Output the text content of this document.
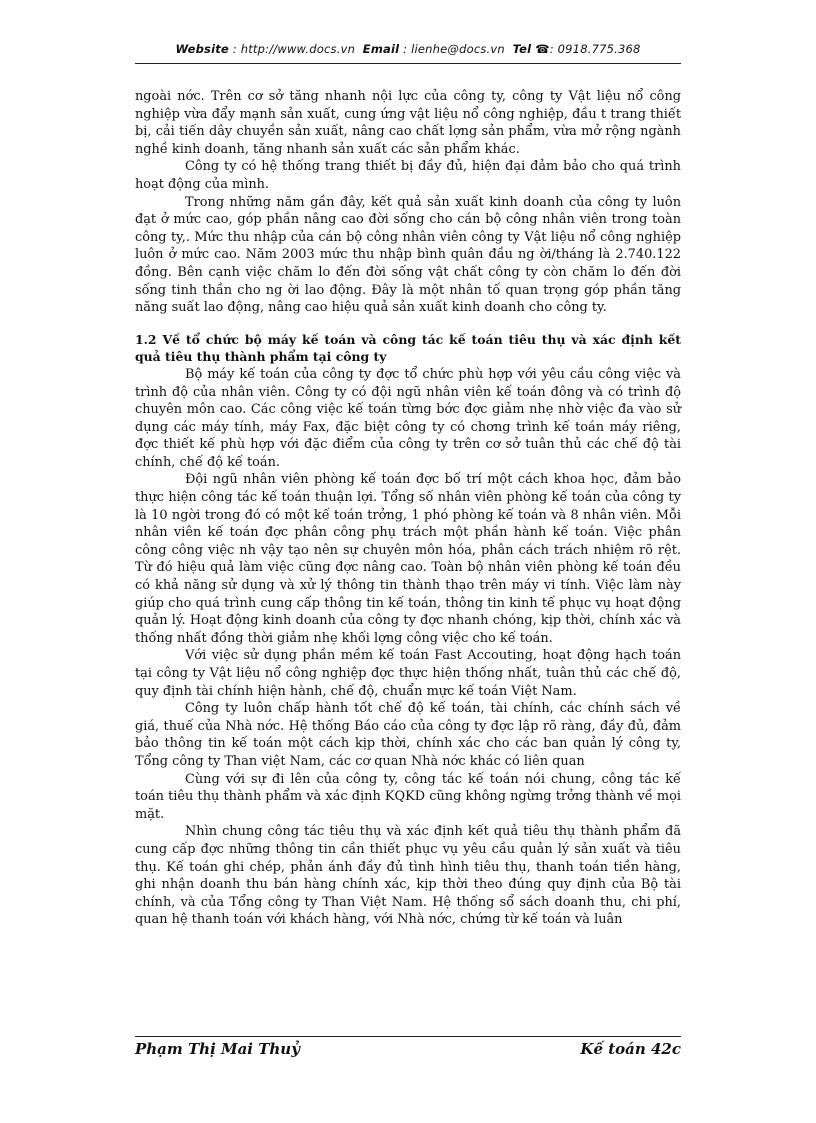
Website : http://www.docs.vn Email : lienhe@docs.vn Tel ☎: 0918.775.368

ngoài nớc. Trên cơ sở tăng nhanh nội lực của công ty, công ty Vật liệu nổ công nghiệp vừa đẩy mạnh sản xuất, cung ứng vật liệu nổ công nghiệp, đầu t trang thiết bị, cải tiến dây chuyền sản xuất, nâng cao chất lợng sản phẩm, vừa mở rộng ngành nghề kinh doanh, tăng nhanh sản xuất các sản phẩm khác.

Công ty có hệ thống trang thiết bị đầy đủ, hiện đại đảm bảo cho quá trình hoạt động của mình.

Trong những năm gần đây, kết quả sản xuất kinh doanh của công ty luôn đạt ở mức cao, góp phần nâng cao đời sống cho cán bộ công nhân viên trong toàn công ty,. Mức thu nhập của cán bộ công nhân viên công ty Vật liệu nổ công nghiệp luôn ở mức cao. Năm 2003 mức thu nhập bình quân đầu ng ời/tháng là 2.740.122 đồng. Bên cạnh việc chăm lo đến đời sống vật chất công ty còn chăm lo đến đời sống tinh thần cho ng ời lao động. Đây là một nhân tố quan trọng góp phần tăng năng suất lao động, nâng cao hiệu quả sản xuất kinh doanh cho công ty.

1.2 Về tổ chức bộ máy kế toán và công tác kế toán tiêu thụ và xác định kết quả tiêu thụ thành phẩm tại công ty

Bộ máy kế toán của công ty đợc tổ chức phù hợp với yêu cầu công việc và trình độ của nhân viên. Công ty có đội ngũ nhân viên kế toán đông và có trình độ chuyên môn cao. Các công việc kế toán từng bớc đợc giảm nhẹ nhờ việc đa vào sử dụng các máy tính, máy Fax, đặc biệt công ty có chơng trình kế toán máy riêng, đợc thiết kế phù hợp với đặc điểm của công ty trên cơ sở tuân thủ các chế độ tài chính, chế độ kế toán.

Đội ngũ nhân viên phòng kế toán đợc bố trí một cách khoa học, đảm bảo thực hiện công tác kế toán thuận lợi. Tổng số nhân viên phòng kế toán của công ty là 10 ngời trong đó có một kế toán trởng, 1 phó phòng kế toán và 8 nhân viên. Mỗi nhân viên kế toán đợc phân công phụ trách một phần hành kế toán. Việc phân công công việc nh vậy tạo nên sự chuyên môn hóa, phân cách trách nhiệm rõ rệt. Từ đó hiệu quả làm việc cũng đợc nâng cao. Toàn bộ nhân viên phòng kế toán đều có khả năng sử dụng và xử lý thông tin thành thạo trên máy vi tính. Việc làm này giúp cho quá trình cung cấp thông tin kế toán, thông tin kinh tế phục vụ hoạt động quản lý. Hoạt động kinh doanh của công ty đợc nhanh chóng, kịp thời, chính xác và thống nhất đồng thời giảm nhẹ khối lợng công việc cho kế toán.

Với việc sử dụng phần mềm kế toán Fast Accouting, hoạt động hạch toán tại công ty Vật liệu nổ công nghiệp đợc thực hiện thống nhất, tuân thủ các chế độ, quy định tài chính hiện hành, chế độ, chuẩn mực kế toán Việt Nam.

Công ty luôn chấp hành tốt chế độ kế toán, tài chính, các chính sách về giá, thuế của Nhà nớc. Hệ thống Báo cáo của công ty đợc lập rõ ràng, đầy đủ, đảm bảo thông tin kế toán một cách kịp thời, chính xác cho các ban quản lý công ty, Tổng công ty Than việt Nam, các cơ quan Nhà nớc khác có liên quan

Cùng với sự đi lên của công ty, công tác kế toán nói chung, công tác kế toán tiêu thụ thành phẩm và xác định KQKD cũng không ngừng trởng thành về mọi mặt.

Nhìn chung công tác tiêu thụ và xác định kết quả tiêu thụ thành phẩm đã cung cấp đợc những thông tin cần thiết phục vụ yêu cầu quản lý sản xuất và tiêu thụ. Kế toán ghi chép, phản ánh đầy đủ tình hình tiêu thụ, thanh toán tiền hàng, ghi nhận doanh thu bán hàng chính xác, kịp thời theo đúng quy định của Bộ tài chính, và của Tổng công ty Than Việt Nam. Hệ thống sổ sách doanh thu, chi phí, quan hệ thanh toán với khách hàng, với Nhà nớc, chứng từ kế toán và luân

Phạm Thị Mai Thuỷ	Kế toán 42c
